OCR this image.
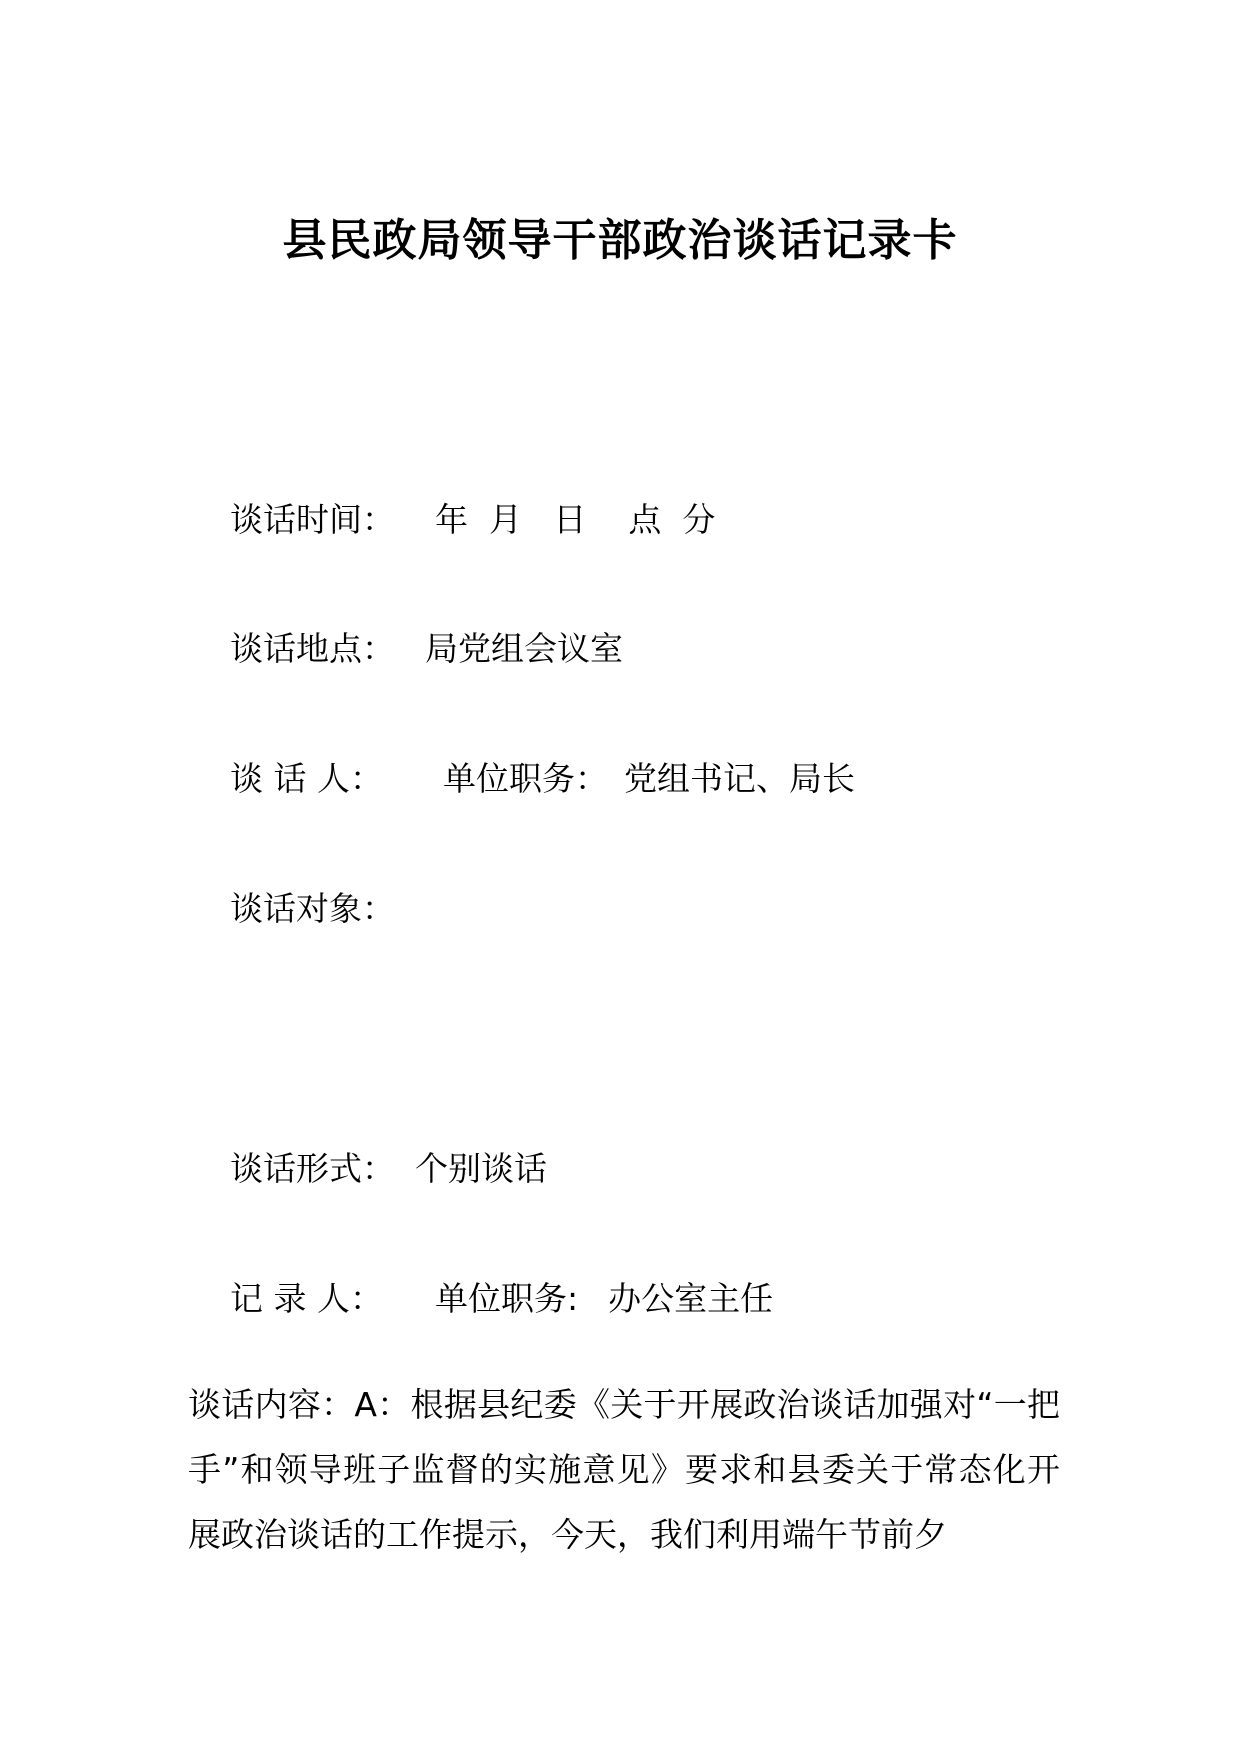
县民政局领导干部政治谈话记录卡

谈话时间： 年  月   日    点  分

谈话地点： 局党组会议室

谈 话 人： 单位职务： 党组书记、局长

谈话对象：

谈话形式： 个别谈话

记 录 人： 单位职务: 办公室主任

谈话内容：A：根据县纪委《关于开展政治谈话加强对“一把手”和领导班子监督的实施意见》要求和县委关于常态化开展政治谈话的工作提示，今天，我们利用端午节前夕
